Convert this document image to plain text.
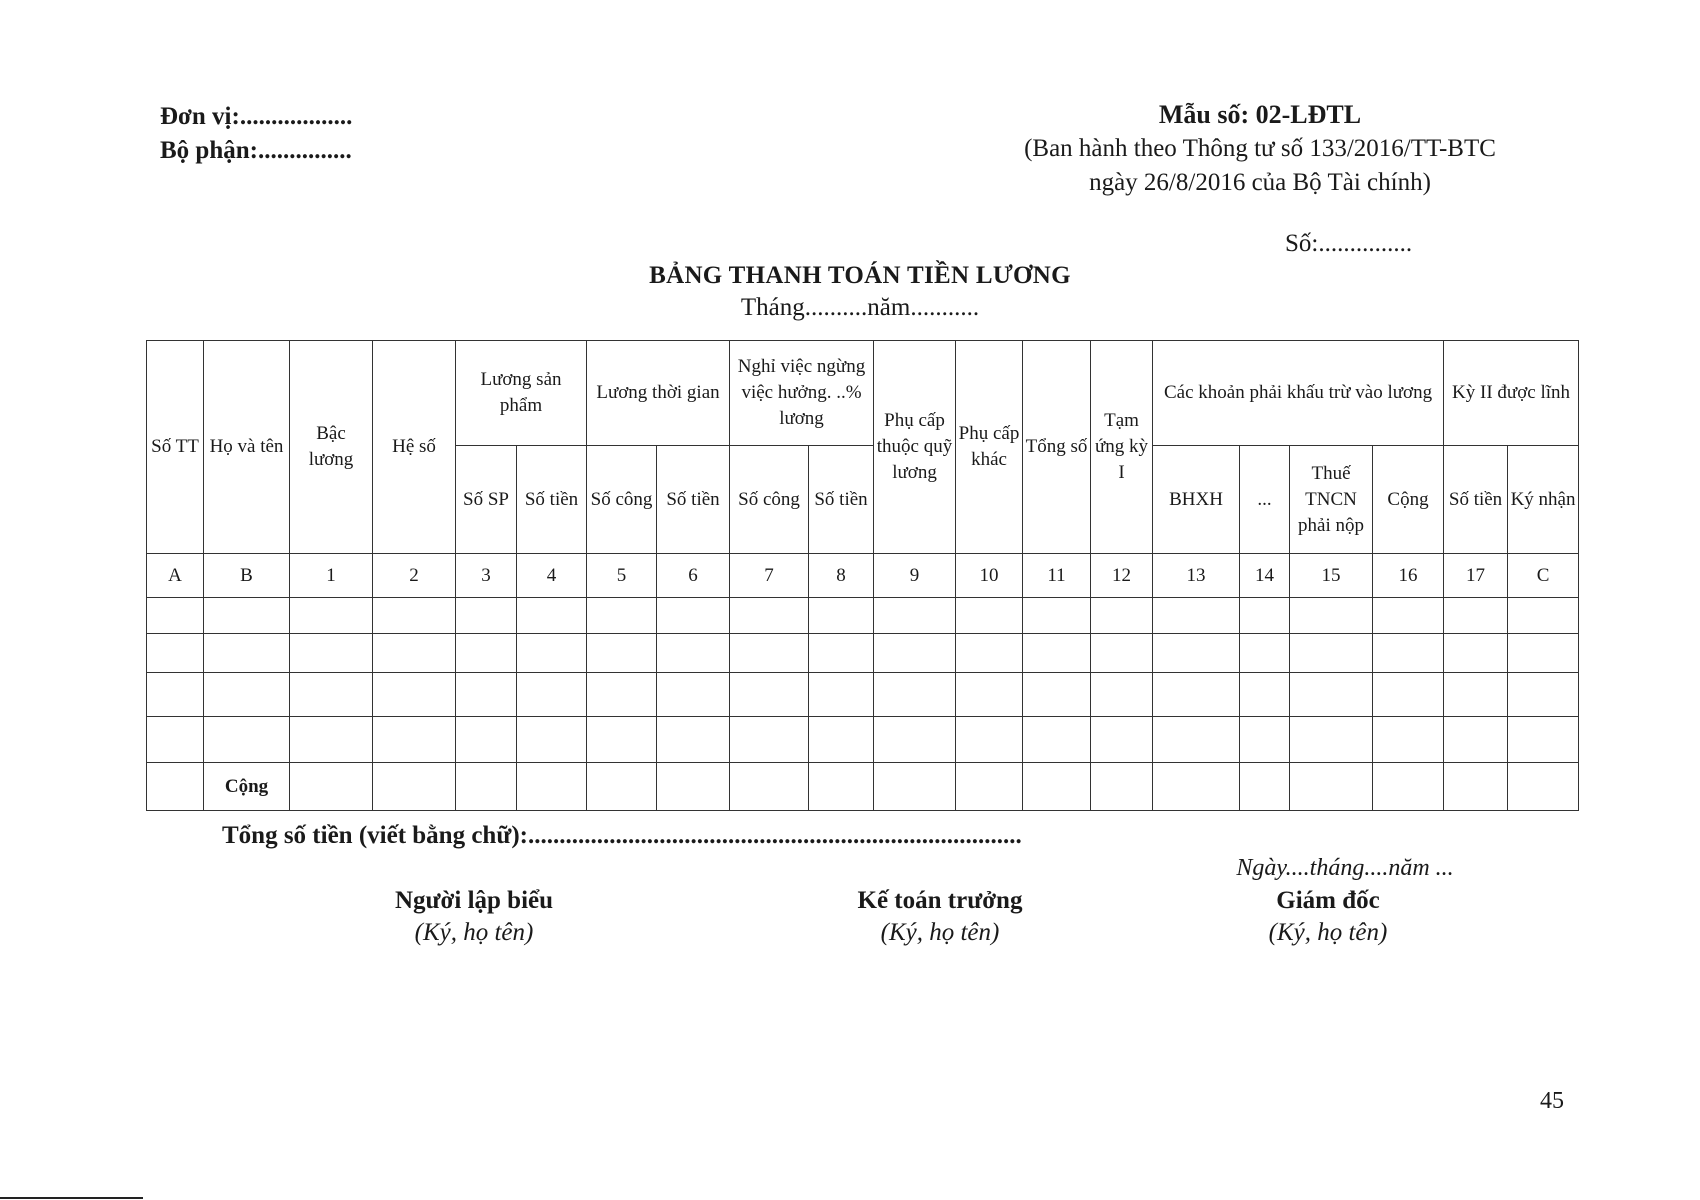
Đơn vị:..................
Bộ phận:...............
Mẫu số: 02-LĐTL
(Ban hành theo Thông tư số 133/2016/TT-BTC
ngày 26/8/2016 của Bộ Tài chính)
Số:...............
BẢNG THANH TOÁN TIỀN LƯƠNG
Tháng..........năm...........
Số TT	Họ và tên	Bậc lương	Hệ số	Lương sản phẩm		Lương thời gian		Nghỉ việc ngừng việc hưởng. ..% lương		Phụ cấp thuộc quỹ lương	Phụ cấp khác	Tổng số	Tạm ứng kỳ I	Các khoản phải khấu trừ vào lương				Kỳ II được lĩnh	
				Số SP	Số tiền	Số công	Số tiền	Số công	Số tiền					BHXH	...	Thuế TNCN phải nộp	Cộng	Số tiền	Ký nhận
A	B	1	2	3	4	5	6	7	8	9	10	11	12	13	14	15	16	17	C

	Cộng																		
Tổng số tiền (viết bằng chữ):...............................................................................
Ngày....tháng....năm ...
Người lập biểu
(Ký, họ tên)
Kế toán trưởng
(Ký, họ tên)
Giám đốc
(Ký, họ tên)
45
